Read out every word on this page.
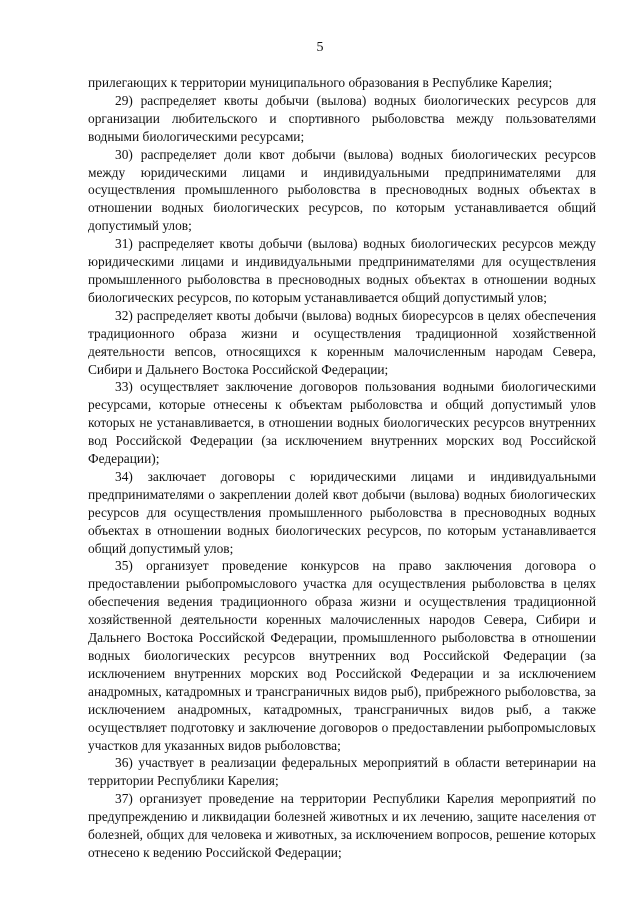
5

прилегающих к территории муниципального образования в Республике Карелия;

29) распределяет квоты добычи (вылова) водных биологических ресурсов для организации любительского и спортивного рыболовства между пользователями водными биологическими ресурсами;

30) распределяет доли квот добычи (вылова) водных биологических ресурсов между юридическими лицами и индивидуальными предпринимателями для осуществления промышленного рыболовства в пресноводных водных объектах в отношении водных биологических ресурсов, по которым устанавливается общий допустимый улов;

31) распределяет квоты добычи (вылова) водных биологических ресурсов между юридическими лицами и индивидуальными предпринимателями для осуществления промышленного рыболовства в пресноводных водных объектах в отношении водных биологических ресурсов, по которым устанавливается общий допустимый улов;

32) распределяет квоты добычи (вылова) водных биоресурсов в целях обеспечения традиционного образа жизни и осуществления традиционной хозяйственной деятельности вепсов, относящихся к коренным малочисленным народам Севера, Сибири и Дальнего Востока Российской Федерации;

33) осуществляет заключение договоров пользования водными биологическими ресурсами, которые отнесены к объектам рыболовства и общий допустимый улов которых не устанавливается, в отношении водных биологических ресурсов внутренних вод Российской Федерации (за исключением внутренних морских вод Российской Федерации);

34) заключает договоры с юридическими лицами и индивидуальными предпринимателями о закреплении долей квот добычи (вылова) водных биологических ресурсов для осуществления промышленного рыболовства в пресноводных водных объектах в отношении водных биологических ресурсов, по которым устанавливается общий допустимый улов;

35) организует проведение конкурсов на право заключения договора о предоставлении рыбопромыслового участка для осуществления рыболовства в целях обеспечения ведения традиционного образа жизни и осуществления традиционной хозяйственной деятельности коренных малочисленных народов Севера, Сибири и Дальнего Востока Российской Федерации, промышленного рыболовства в отношении водных биологических ресурсов внутренних вод Российской Федерации (за исключением внутренних морских вод Российской Федерации и за исключением анадромных, катадромных и трансграничных видов рыб), прибрежного рыболовства, за исключением анадромных, катадромных, трансграничных видов рыб, а также осуществляет подготовку и заключение договоров о предоставлении рыбопромысловых участков для указанных видов рыболовства;

36) участвует в реализации федеральных мероприятий в области ветеринарии на территории Республики Карелия;

37) организует проведение на территории Республики Карелия мероприятий по предупреждению и ликвидации болезней животных и их лечению, защите населения от болезней, общих для человека и животных, за исключением вопросов, решение которых отнесено к ведению Российской Федерации;
